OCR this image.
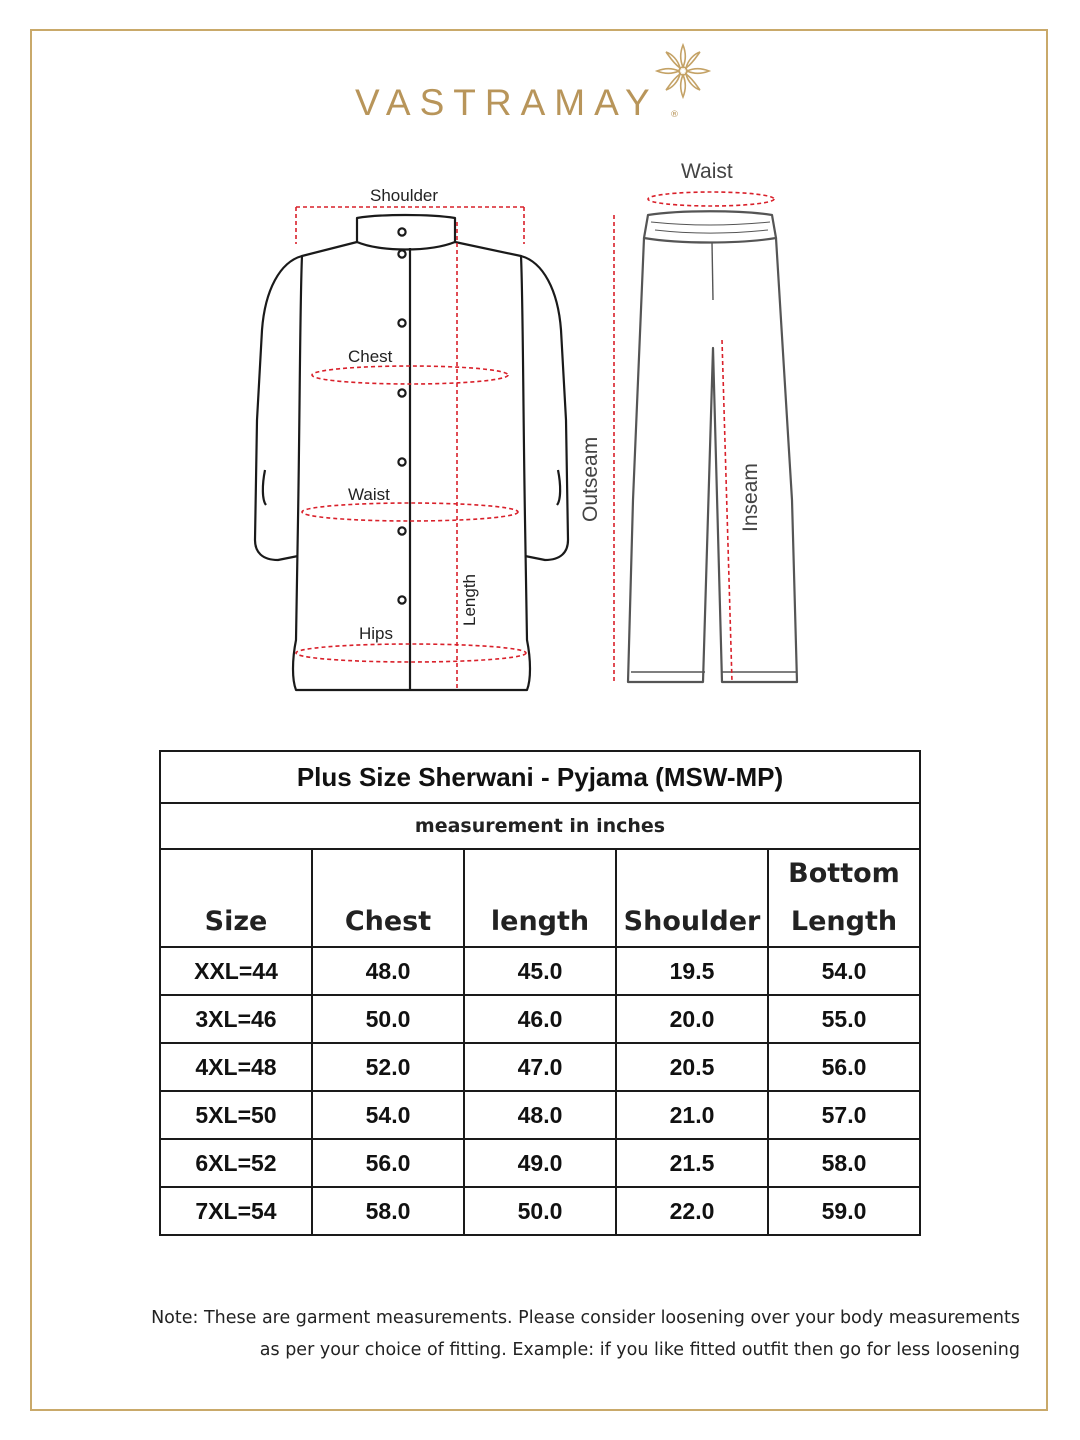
VASTRAMAY ®
Shoulder
Chest
Waist
Hips
Length
Waist
Outseam	Inseam
Plus Size Sherwani - Pyjama (MSW-MP)				
measurement in inches				
Size	Chest	length	Shoulder	Bottom Length
XXL=44	48.0	45.0	19.5	54.0
3XL=46	50.0	46.0	20.0	55.0
4XL=48	52.0	47.0	20.5	56.0
5XL=50	54.0	48.0	21.0	57.0
6XL=52	56.0	49.0	21.5	58.0
7XL=54	58.0	50.0	22.0	59.0
Note: These are garment measurements. Please consider loosening over your body measurements
as per your choice of fitting. Example: if you like fitted outfit then go for less loosening
